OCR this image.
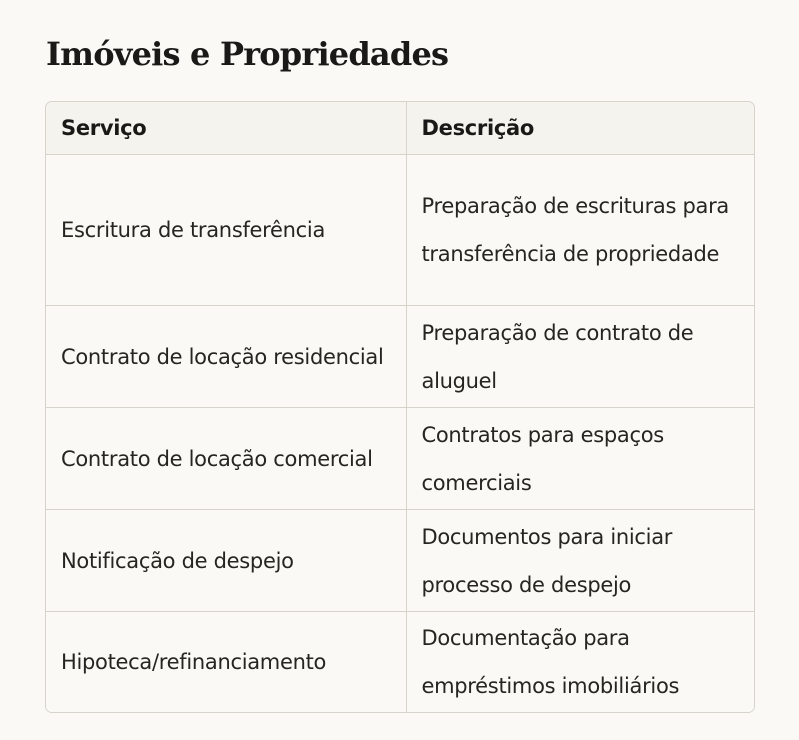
Imóveis e Propriedades
Serviço	Descrição
Escritura de transferência	Preparação de escrituras para transferência de propriedade
Contrato de locação residencial	Preparação de contrato de aluguel
Contrato de locação comercial	Contratos para espaços comerciais
Notificação de despejo	Documentos para iniciar processo de despejo
Hipoteca/refinanciamento	Documentação para empréstimos imobiliários
